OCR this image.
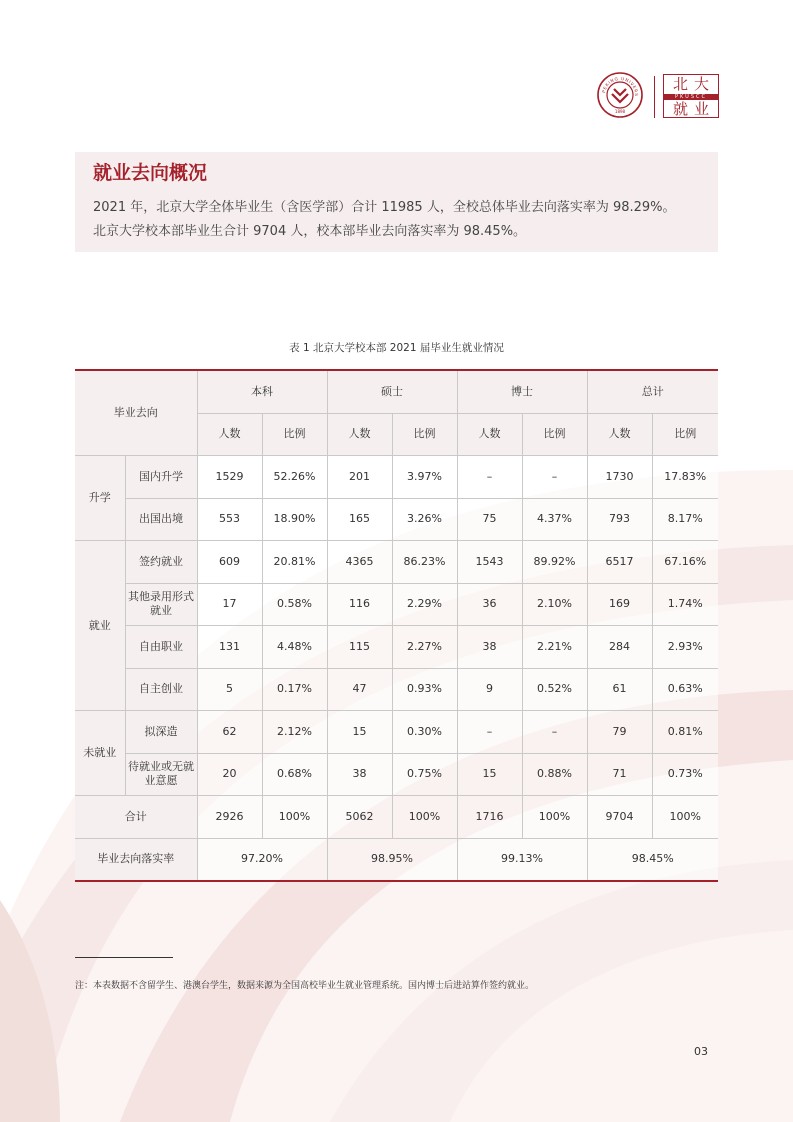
PEKING UNIVERS
1898
北大
PKUSCC
就业
就业去向概况

2021 年，北京大学全体毕业生（含医学部）合计 11985 人，全校总体毕业去向落实率为 98.29%。

北京大学校本部毕业生合计 9704 人，校本部毕业去向落实率为 98.45%。

表 1 北京大学校本部 2021 届毕业生就业情况
毕业去向		本科		硕士		博士		总计	
		人数	比例	人数	比例	人数	比例	人数	比例
升学	国内升学	1529	52.26%	201	3.97%	–	–	1730	17.83%
	出国出境	553	18.90%	165	3.26%	75	4.37%	793	8.17%
就业	签约就业	609	20.81%	4365	86.23%	1543	89.92%	6517	67.16%
	其他录用形式就业	17	0.58%	116	2.29%	36	2.10%	169	1.74%
	自由职业	131	4.48%	115	2.27%	38	2.21%	284	2.93%
	自主创业	5	0.17%	47	0.93%	9	0.52%	61	0.63%
未就业	拟深造	62	2.12%	15	0.30%	–	–	79	0.81%
	待就业或无就业意愿	20	0.68%	38	0.75%	15	0.88%	71	0.73%
合计		2926	100%	5062	100%	1716	100%	9704	100%
毕业去向落实率		97.20%		98.95%		99.13%		98.45%	
注：本表数据不含留学生、港澳台学生，数据来源为全国高校毕业生就业管理系统。国内博士后进站算作签约就业。
03
